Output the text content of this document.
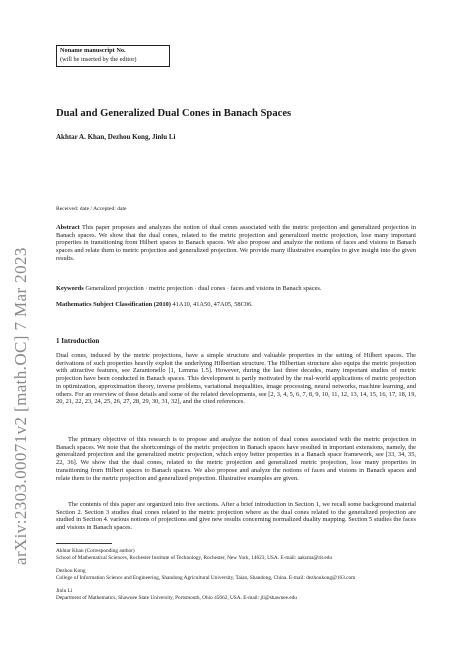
Noname manuscript No.
(will be inserted by the editor)
arXiv:2303.00071v2 [math.OC] 7 Mar 2023
Dual and Generalized Dual Cones in Banach Spaces
Akhtar A. Khan, Dezhou Kong, Jinlu Li
Received: date / Accepted: date
Abstract This paper proposes and analyzes the notion of dual cones associated with the metric projection and generalized projection in Banach spaces. We show that the dual cones, related to the metric projection and generalized metric projection, lose many important properties in transitioning from Hilbert spaces to Banach spaces. We also propose and analyze the notions of faces and visions in Banach spaces and relate them to metric projection and generalized projection. We provide many illustrative examples to give insight into the given results.
Keywords Generalized projection · metric projection · dual cones · faces and visions in Banach spaces.
Mathematics Subject Classification (2010) 41A10, 41A50, 47A05, 58C06.
1 Introduction
Dual cones, induced by the metric projections, have a simple structure and valuable properties in the setting of Hilbert spaces. The derivations of such properties heavily exploit the underlying Hilbertian structure. The Hilbertian structure also equips the metric projection with attractive features, see Zarantonello [1, Lemma 1.5]. However, during the last three decades, many important studies of metric projection have been conducted in Banach spaces. This development is partly motivated by the real-world applications of metric projection in optimization, approximation theory, inverse problems, variational inequalities, image processing, neural networks, machine learning, and others. For an overview of these details and some of the related developments, see [2, 3, 4, 5, 6, 7, 8, 9, 10, 11, 12, 13, 14, 15, 16, 17, 18, 19, 20, 21, 22, 23, 24, 25, 26, 27, 28, 29, 30, 31, 32], and the cited references.
The primary objective of this research is to propose and analyze the notion of dual cones associated with the metric projection in Banach spaces. We note that the shortcomings of the metric projection in Banach spaces have resulted in important extensions, namely, the generalized projection and the generalized metric projection, which enjoy better properties in a Banach space framework, see [33, 34, 35, 22, 36]. We show that the dual cones, related to the metric projection and generalized metric projection, lose many properties in transitioning from Hilbert spaces to Banach spaces. We also propose and analyze the notions of faces and visions in Banach spaces and relate them to the metric projection and generalized projection. Illustrative examples are given.
The contents of this paper are organized into five sections. After a brief introduction in Section 1, we recall some background material Section 2. Section 3 studies dual cones related to the metric projection where as the dual cones related to the generalized projection are studied in Section 4. various notions of projections and give new results concerning normalized duality mapping. Section 5 studies the faces and visions in Banach spaces.
Akhtar Khan (Corresponding author)
School of Mathematical Sciences, Rochester Institute of Technology, Rochester, New York, 14623, USA. E-mail: aaksma@rit.edu
Dezhou Kong
College of Information Science and Engineering, Shandong Agricultural University, Taian, Shandong, China. E-mail: dezhoukong@163.com
Jinlu Li
Department of Mathematics, Shawnee State University, Portsmouth, Ohio 45662, USA. E-mail: jli@shawnee.edu
